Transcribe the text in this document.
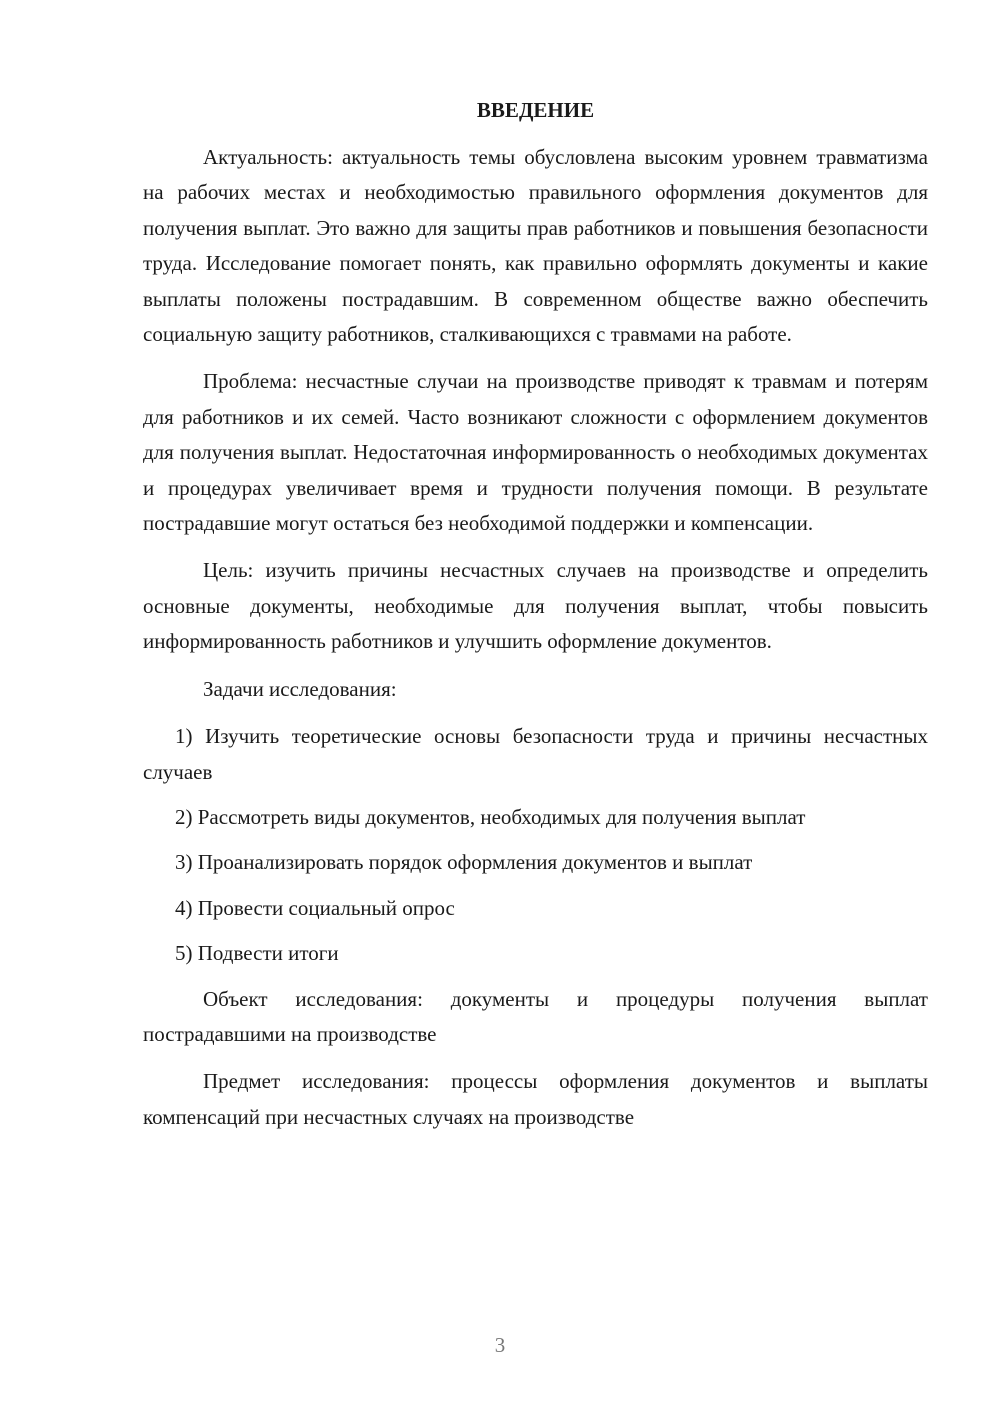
ВВЕДЕНИЕ

Актуальность: актуальность темы обусловлена высоким уровнем травматизма на рабочих местах и необходимостью правильного оформления документов для получения выплат. Это важно для защиты прав работников и повышения безопасности труда. Исследование помогает понять, как правильно оформлять документы и какие выплаты положены пострадавшим. В современном обществе важно обеспечить социальную защиту работников, сталкивающихся с травмами на работе.

Проблема: несчастные случаи на производстве приводят к травмам и потерям для работников и их семей. Часто возникают сложности с оформлением документов для получения выплат. Недостаточная информированность о необходимых документах и процедурах увеличивает время и трудности получения помощи. В результате пострадавшие могут остаться без необходимой поддержки и компенсации.

Цель: изучить причины несчастных случаев на производстве и определить основные документы, необходимые для получения выплат, чтобы повысить информированность работников и улучшить оформление документов.

Задачи исследования:

1) Изучить теоретические основы безопасности труда и причины несчастных случаев

2) Рассмотреть виды документов, необходимых для получения выплат

3) Проанализировать порядок оформления документов и выплат

4) Провести социальный опрос

5) Подвести итоги

Объект исследования: документы и процедуры получения выплат пострадавшими на производстве

Предмет исследования: процессы оформления документов и выплаты компенсаций при несчастных случаях на производстве

3
